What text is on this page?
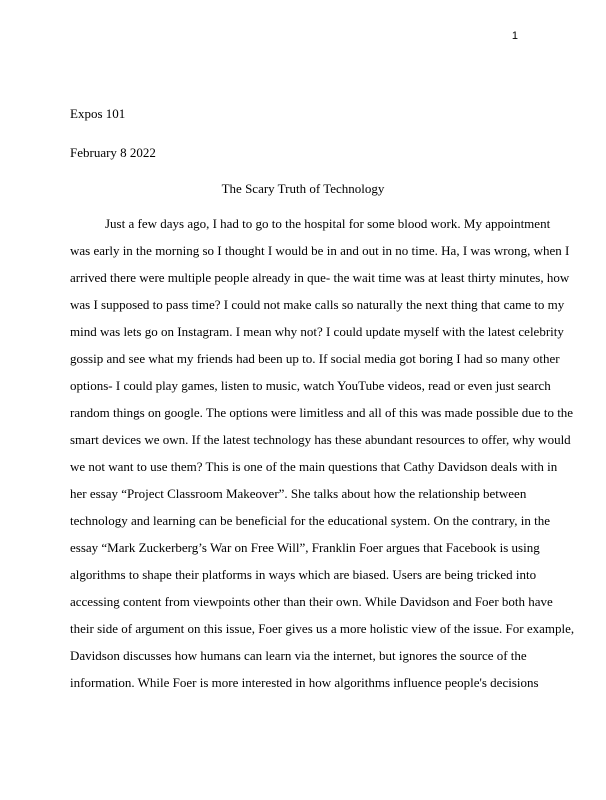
1
Expos 101
February 8 2022
The Scary Truth of Technology
Just a few days ago, I had to go to the hospital for some blood work. My appointment
was early in the morning so I thought I would be in and out in no time. Ha, I was wrong, when I
arrived there were multiple people already in que- the wait time was at least thirty minutes, how
was I supposed to pass time? I could not make calls so naturally the next thing that came to my
mind was lets go on Instagram. I mean why not? I could update myself with the latest celebrity
gossip and see what my friends had been up to. If social media got boring I had so many other
options- I could play games, listen to music, watch YouTube videos, read or even just search
random things on google. The options were limitless and all of this was made possible due to the
smart devices we own. If the latest technology has these abundant resources to offer, why would
we not want to use them? This is one of the main questions that Cathy Davidson deals with in
her essay “Project Classroom Makeover”. She talks about how the relationship between
technology and learning can be beneficial for the educational system. On the contrary, in the
essay “Mark Zuckerberg’s War on Free Will”, Franklin Foer argues that Facebook is using
algorithms to shape their platforms in ways which are biased. Users are being tricked into
accessing content from viewpoints other than their own. While Davidson and Foer both have
their side of argument on this issue, Foer gives us a more holistic view of the issue. For example,
Davidson discusses how humans can learn via the internet, but ignores the source of the
information. While Foer is more interested in how algorithms influence people's decisions
